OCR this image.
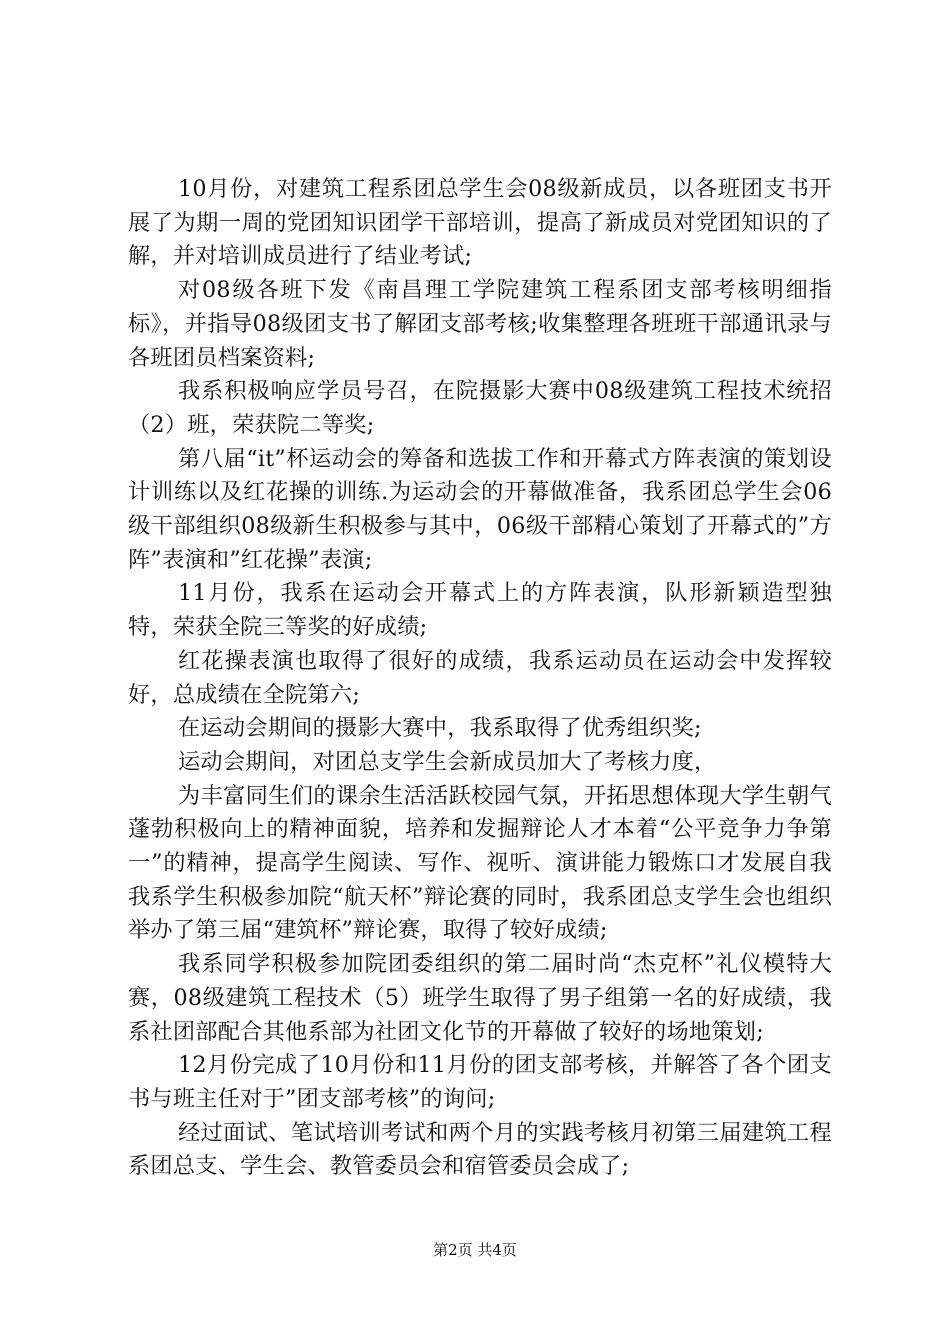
10月份，对建筑工程系团总学生会08级新成员，以各班团支书开展了为期一周的党团知识团学干部培训，提高了新成员对党团知识的了解，并对培训成员进行了结业考试;

对08级各班下发《南昌理工学院建筑工程系团支部考核明细指标》，并指导08级团支书了解团支部考核;收集整理各班班干部通讯录与各班团员档案资料;

我系积极响应学员号召，在院摄影大赛中08级建筑工程技术统招（2）班，荣获院二等奖;

第八届“it”杯运动会的筹备和选拔工作和开幕式方阵表演的策划设计训练以及红花操的训练.为运动会的开幕做准备，我系团总学生会06级干部组织08级新生积极参与其中，06级干部精心策划了开幕式的”方阵”表演和”红花操”表演;

11月份，我系在运动会开幕式上的方阵表演，队形新颖造型独特，荣获全院三等奖的好成绩;

红花操表演也取得了很好的成绩，我系运动员在运动会中发挥较好，总成绩在全院第六;

在运动会期间的摄影大赛中，我系取得了优秀组织奖;

运动会期间，对团总支学生会新成员加大了考核力度，

为丰富同生们的课余生活活跃校园气氛，开拓思想体现大学生朝气蓬勃积极向上的精神面貌，培养和发掘辩论人才本着“公平竞争力争第一”的精神，提高学生阅读、写作、视听、演讲能力锻炼口才发展自我我系学生积极参加院“航天杯”辩论赛的同时，我系团总支学生会也组织举办了第三届“建筑杯”辩论赛，取得了较好成绩;

我系同学积极参加院团委组织的第二届时尚“杰克杯”礼仪模特大赛，08级建筑工程技术（5）班学生取得了男子组第一名的好成绩，我系社团部配合其他系部为社团文化节的开幕做了较好的场地策划;

12月份完成了10月份和11月份的团支部考核，并解答了各个团支书与班主任对于”团支部考核”的询问;

经过面试、笔试培训考试和两个月的实践考核月初第三届建筑工程系团总支、学生会、教管委员会和宿管委员会成了;

第2页 共4页
